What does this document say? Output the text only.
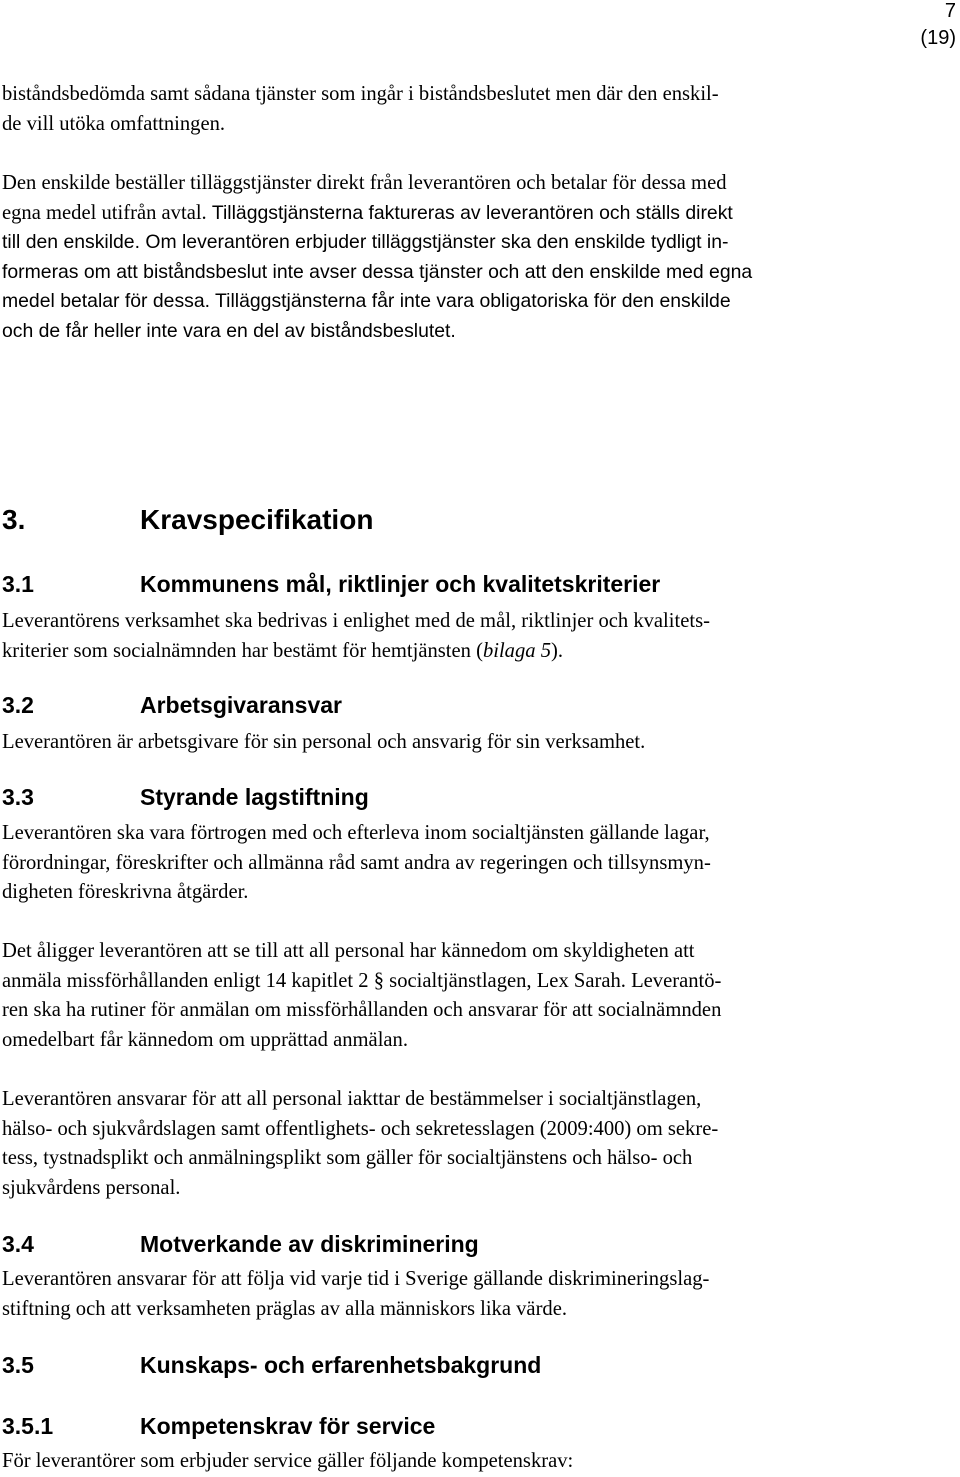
7
(19)

biståndsbedömda samt sådana tjänster som ingår i biståndsbeslutet men där den enskil-
de vill utöka omfattningen.

Den enskilde beställer tilläggstjänster direkt från leverantören och betalar för dessa med
egna medel utifrån avtal. Tilläggstjänsterna faktureras av leverantören och ställs direkt
till den enskilde. Om leverantören erbjuder tilläggstjänster ska den enskilde tydligt in-
formeras om att biståndsbeslut inte avser dessa tjänster och att den enskilde med egna
medel betalar för dessa. Tilläggstjänsterna får inte vara obligatoriska för den enskilde
och de får heller inte vara en del av biståndsbeslutet.

3.	Kravspecifikation
3.1	Kommunens mål, riktlinjer och kvalitetskriterier

Leverantörens verksamhet ska bedrivas i enlighet med de mål, riktlinjer och kvalitets-
kriterier som socialnämnden har bestämt för hemtjänsten (bilaga 5).

3.2	Arbetsgivaransvar

Leverantören är arbetsgivare för sin personal och ansvarig för sin verksamhet.

3.3	Styrande lagstiftning

Leverantören ska vara förtrogen med och efterleva inom socialtjänsten gällande lagar,
förordningar, föreskrifter och allmänna råd samt andra av regeringen och tillsynsmyn-
digheten föreskrivna åtgärder.

Det åligger leverantören att se till att all personal har kännedom om skyldigheten att
anmäla missförhållanden enligt 14 kapitlet 2 § socialtjänstlagen, Lex Sarah. Leverantö-
ren ska ha rutiner för anmälan om missförhållanden och ansvarar för att socialnämnden
omedelbart får kännedom om upprättad anmälan.

Leverantören ansvarar för att all personal iakttar de bestämmelser i socialtjänstlagen,
hälso- och sjukvårdslagen samt offentlighets- och sekretesslagen (2009:400) om sekre-
tess, tystnadsplikt och anmälningsplikt som gäller för socialtjänstens och hälso- och
sjukvårdens personal.

3.4	Motverkande av diskriminering

Leverantören ansvarar för att följa vid varje tid i Sverige gällande diskrimineringslag-
stiftning och att verksamheten präglas av alla människors lika värde.

3.5	Kunskaps- och erfarenhetsbakgrund
3.5.1	Kompetenskrav för service

För leverantörer som erbjuder service gäller följande kompetenskrav:
